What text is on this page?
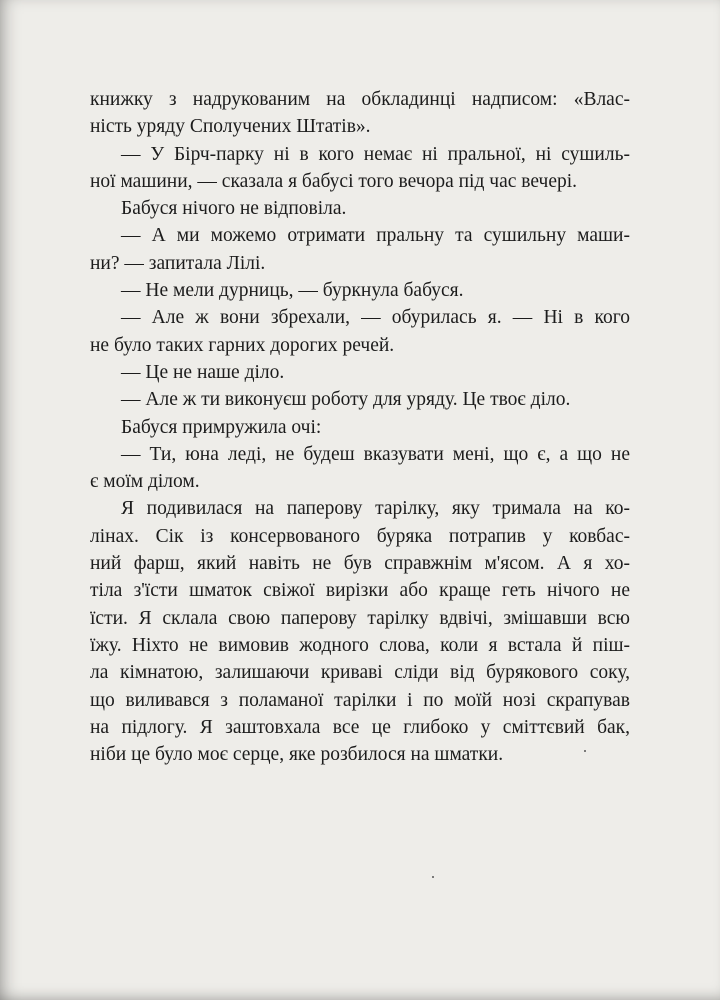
книжку з надрукованим на обкладинці надписом: «Влас-
ність уряду Сполучених Штатів».
— У Бірч-парку ні в кого немає ні пральної, ні сушиль-
ної машини, — сказала я бабусі того вечора під час вечері.
Бабуся нічого не відповіла.
— А ми можемо отримати пральну та сушильну маши-
ни? — запитала Лілі.
— Не мели дурниць, — буркнула бабуся.
— Але ж вони збрехали, — обурилась я. — Ні в кого
не було таких гарних дорогих речей.
— Це не наше діло.
— Але ж ти виконуєш роботу для уряду. Це твоє діло.
Бабуся примружила очі:
— Ти, юна леді, не будеш вказувати мені, що є, а що не
є моїм ділом.
Я подивилася на паперову тарілку, яку тримала на ко-
лінах. Сік із консервованого буряка потрапив у ковбас-
ний фарш, який навіть не був справжнім м'ясом. А я хо-
тіла з'їсти шматок свіжої вирізки або краще геть нічого не
їсти. Я склала свою паперову тарілку вдвічі, змішавши всю
їжу. Ніхто не вимовив жодного слова, коли я встала й піш-
ла кімнатою, залишаючи криваві сліди від бурякового соку,
що виливався з поламаної тарілки і по моїй нозі скрапував
на підлогу. Я заштовхала все це глибоко у сміттєвий бак,
ніби це було моє серце, яке розбилося на шматки.
